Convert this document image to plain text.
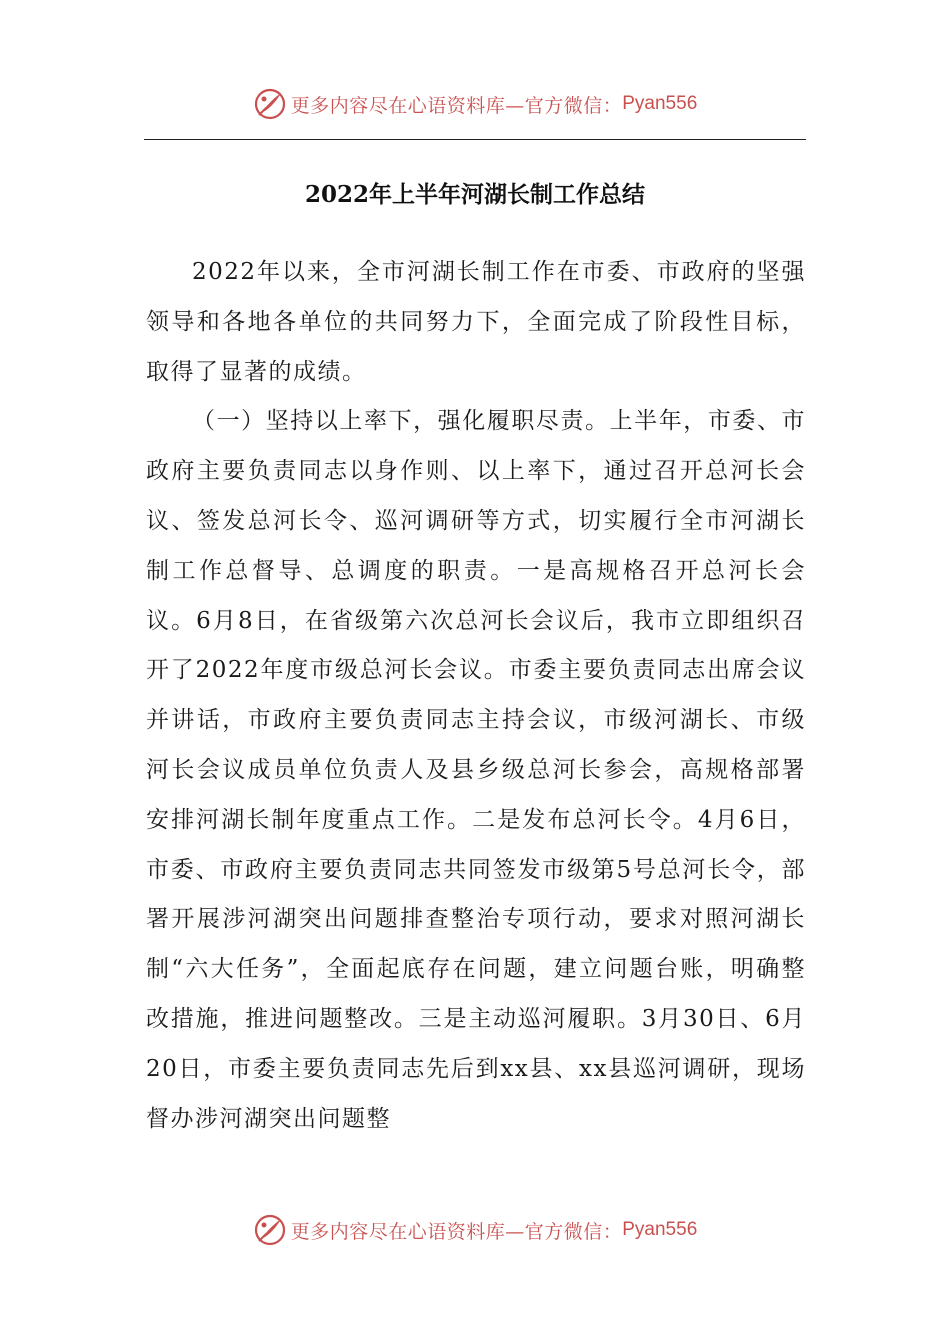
更多内容尽在心语资料库—官方微信： Pyan556
2022年上半年河湖长制工作总结

2022年以来，全市河湖长制工作在市委、市政府的坚强领导和各地各单位的共同努力下，全面完成了阶段性目标，取得了显著的成绩。

（一）坚持以上率下，强化履职尽责。上半年，市委、市政府主要负责同志以身作则、以上率下，通过召开总河长会议、签发总河长令、巡河调研等方式，切实履行全市河湖长制工作总督导、总调度的职责。一是高规格召开总河长会议。6月8日，在省级第六次总河长会议后，我市立即组织召开了2022年度市级总河长会议。市委主要负责同志出席会议并讲话，市政府主要负责同志主持会议，市级河湖长、市级河长会议成员单位负责人及县乡级总河长参会，高规格部署安排河湖长制年度重点工作。二是发布总河长令。4月6日，市委、市政府主要负责同志共同签发市级第5号总河长令，部署开展涉河湖突出问题排查整治专项行动，要求对照河湖长制“六大任务”，全面起底存在问题，建立问题台账，明确整改措施，推进问题整改。三是主动巡河履职。3月30日、6月20日，市委主要负责同志先后到xx县、xx县巡河调研，现场督办涉河湖突出问题整

更多内容尽在心语资料库—官方微信： Pyan556
